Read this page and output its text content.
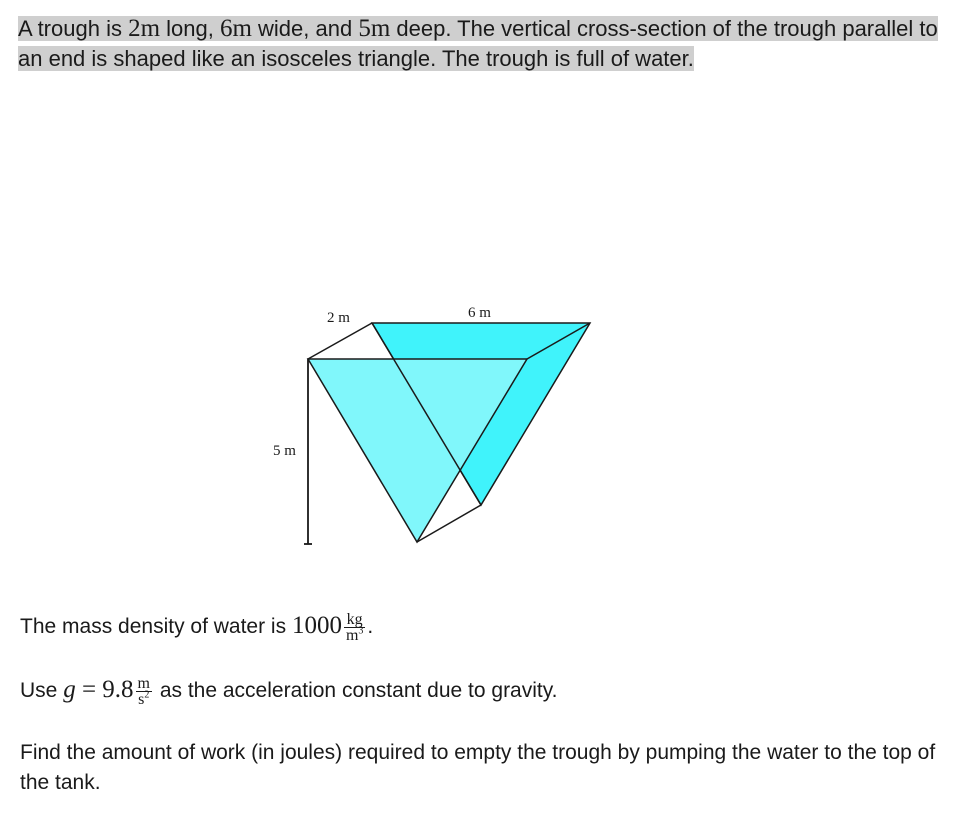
A trough is 2m long, 6m wide, and 5m deep. The vertical cross-section of the trough parallel to an end is shaped like an isosceles triangle. The trough is full of water.
2 m	6 m
5 m
The mass density of water is $1000 \frac{kg}{m^3}$ .
Use $g = 9.8 \frac{m}{s^2}$ as the acceleration constant due to gravity.
Find the amount of work (in joules) required to empty the trough by pumping the water to the top of the tank.
